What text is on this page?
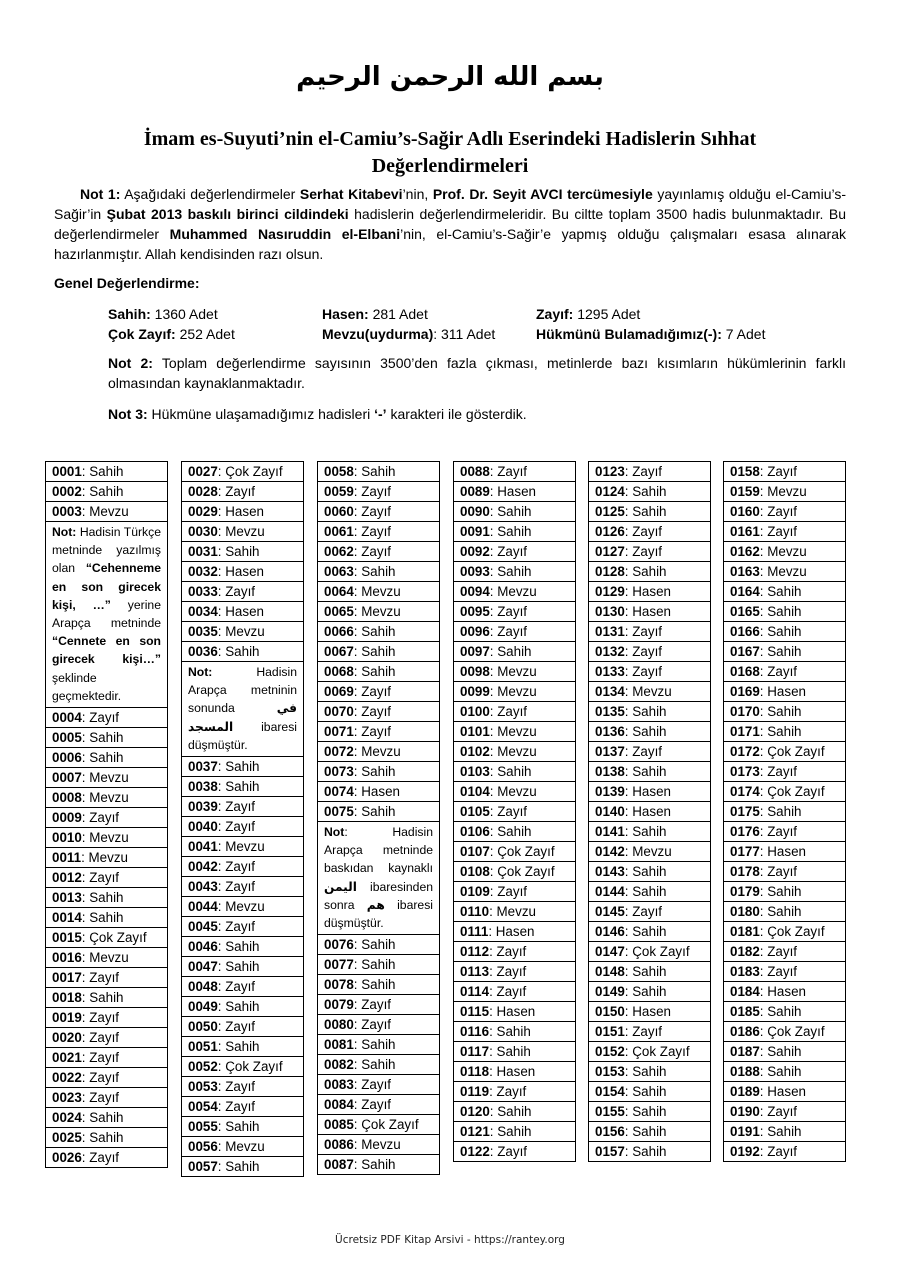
بسم الله الرحمن الرحيم
İmam es-Suyuti’nin el-Camiu’s-Sağir Adlı Eserindeki Hadislerin Sıhhat
Değerlendirmeleri
Not 1: Aşağıdaki değerlendirmeler Serhat Kitabevi’nin, Prof. Dr. Seyit AVCI tercümesiyle yayınlamış olduğu el-Camiu’s-Sağir’in Şubat 2013 baskılı birinci cildindeki hadislerin değerlendirmeleridir. Bu ciltte toplam 3500 hadis bulunmaktadır. Bu değerlendirmeler Muhammed Nasıruddin el-Elbani’nin, el-Camiu’s-Sağir’e yapmış olduğu çalışmaları esasa alınarak hazırlanmıştır. Allah kendisinden razı olsun.
Genel Değerlendirme:
Sahih: 1360 Adet	Hasen: 281 Adet	Zayıf: 1295 Adet
Çok Zayıf: 252 Adet	Mevzu(uydurma): 311 Adet	Hükmünü Bulamadığımız(-): 7 Adet
Not 2: Toplam değerlendirme sayısının 3500’den fazla çıkması, metinlerde bazı kısımların hükümlerinin farklı olmasından kaynaklanmaktadır.
Not 3: Hükmüne ulaşamadığımız hadisleri ‘-’ karakteri ile gösterdik.
0001: Sahih
0002: Sahih
0003: Mevzu
Not: Hadisin Türkçe metninde yazılmış olan “Cehenneme en son girecek kişi, …” yerine Arapça metninde “Cennete en son girecek kişi…” şeklinde geçmektedir.
0004: Zayıf
0005: Sahih
0006: Sahih
0007: Mevzu
0008: Mevzu
0009: Zayıf
0010: Mevzu
0011: Mevzu
0012: Zayıf
0013: Sahih
0014: Sahih
0015: Çok Zayıf
0016: Mevzu
0017: Zayıf
0018: Sahih
0019: Zayıf
0020: Zayıf
0021: Zayıf
0022: Zayıf
0023: Zayıf
0024: Sahih
0025: Sahih
0026: Zayıf
0027: Çok Zayıf
0028: Zayıf
0029: Hasen
0030: Mevzu
0031: Sahih
0032: Hasen
0033: Zayıf
0034: Hasen
0035: Mevzu
0036: Sahih
Not: Hadisin Arapça metninin sonunda في المسجد ibaresi düşmüştür.
0037: Sahih
0038: Sahih
0039: Zayıf
0040: Zayıf
0041: Mevzu
0042: Zayıf
0043: Zayıf
0044: Mevzu
0045: Zayıf
0046: Sahih
0047: Sahih
0048: Zayıf
0049: Sahih
0050: Zayıf
0051: Sahih
0052: Çok Zayıf
0053: Zayıf
0054: Zayıf
0055: Sahih
0056: Mevzu
0057: Sahih
0058: Sahih
0059: Zayıf
0060: Zayıf
0061: Zayıf
0062: Zayıf
0063: Sahih
0064: Mevzu
0065: Mevzu
0066: Sahih
0067: Sahih
0068: Sahih
0069: Zayıf
0070: Zayıf
0071: Zayıf
0072: Mevzu
0073: Sahih
0074: Hasen
0075: Sahih
Not: Hadisin Arapça metninde baskıdan kaynaklı اليمن ibaresinden sonra هم ibaresi düşmüştür.
0076: Sahih
0077: Sahih
0078: Sahih
0079: Zayıf
0080: Zayıf
0081: Sahih
0082: Sahih
0083: Zayıf
0084: Zayıf
0085: Çok Zayıf
0086: Mevzu
0087: Sahih
0088: Zayıf
0089: Hasen
0090: Sahih
0091: Sahih
0092: Zayıf
0093: Sahih
0094: Mevzu
0095: Zayıf
0096: Zayıf
0097: Sahih
0098: Mevzu
0099: Mevzu
0100: Zayıf
0101: Mevzu
0102: Mevzu
0103: Sahih
0104: Mevzu
0105: Zayıf
0106: Sahih
0107: Çok Zayıf
0108: Çok Zayıf
0109: Zayıf
0110: Mevzu
0111: Hasen
0112: Zayıf
0113: Zayıf
0114: Zayıf
0115: Hasen
0116: Sahih
0117: Sahih
0118: Hasen
0119: Zayıf
0120: Sahih
0121: Sahih
0122: Zayıf
0123: Zayıf
0124: Sahih
0125: Sahih
0126: Zayıf
0127: Zayıf
0128: Sahih
0129: Hasen
0130: Hasen
0131: Zayıf
0132: Zayıf
0133: Zayıf
0134: Mevzu
0135: Sahih
0136: Sahih
0137: Zayıf
0138: Sahih
0139: Hasen
0140: Hasen
0141: Sahih
0142: Mevzu
0143: Sahih
0144: Sahih
0145: Zayıf
0146: Sahih
0147: Çok Zayıf
0148: Sahih
0149: Sahih
0150: Hasen
0151: Zayıf
0152: Çok Zayıf
0153: Sahih
0154: Sahih
0155: Sahih
0156: Sahih
0157: Sahih
0158: Zayıf
0159: Mevzu
0160: Zayıf
0161: Zayıf
0162: Mevzu
0163: Mevzu
0164: Sahih
0165: Sahih
0166: Sahih
0167: Sahih
0168: Zayıf
0169: Hasen
0170: Sahih
0171: Sahih
0172: Çok Zayıf
0173: Zayıf
0174: Çok Zayıf
0175: Sahih
0176: Zayıf
0177: Hasen
0178: Zayıf
0179: Sahih
0180: Sahih
0181: Çok Zayıf
0182: Zayıf
0183: Zayıf
0184: Hasen
0185: Sahih
0186: Çok Zayıf
0187: Sahih
0188: Sahih
0189: Hasen
0190: Zayıf
0191: Sahih
0192: Zayıf
Ücretsiz PDF Kitap Arsivi - https://rantey.org
